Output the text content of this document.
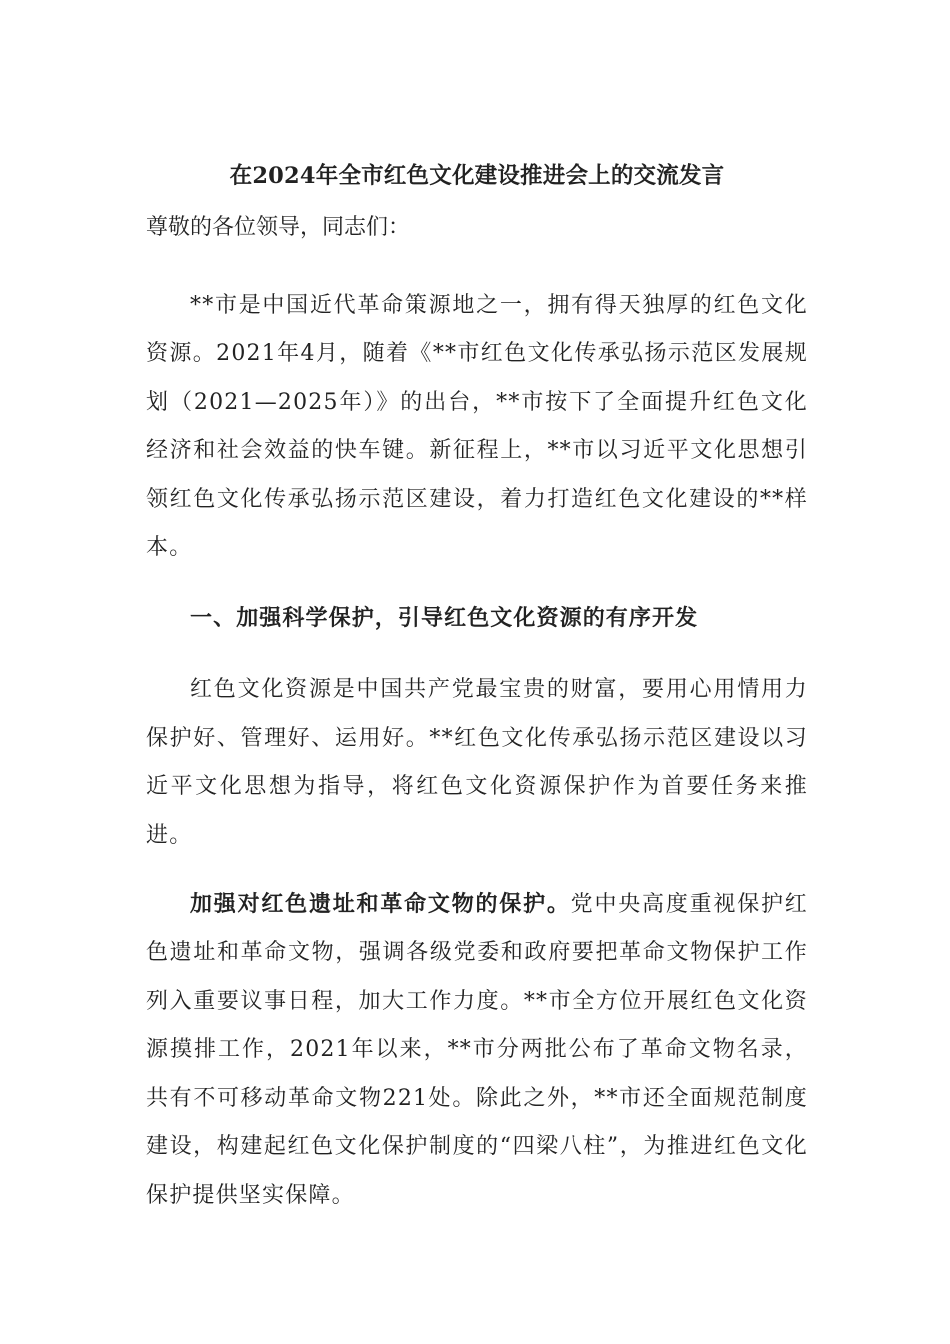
在2024年全市红色文化建设推进会上的交流发言

尊敬的各位领导，同志们：

**市是中国近代革命策源地之一，拥有得天独厚的红色文化资源。2021年4月，随着《**市红色文化传承弘扬示范区发展规划（2021—2025年）》的出台，**市按下了全面提升红色文化经济和社会效益的快车键。新征程上，**市以习近平文化思想引领红色文化传承弘扬示范区建设，着力打造红色文化建设的**样本。

一、加强科学保护，引导红色文化资源的有序开发

红色文化资源是中国共产党最宝贵的财富，要用心用情用力保护好、管理好、运用好。**红色文化传承弘扬示范区建设以习近平文化思想为指导，将红色文化资源保护作为首要任务来推进。

加强对红色遗址和革命文物的保护。党中央高度重视保护红色遗址和革命文物，强调各级党委和政府要把革命文物保护工作列入重要议事日程，加大工作力度。**市全方位开展红色文化资源摸排工作，2021年以来，**市分两批公布了革命文物名录，共有不可移动革命文物221处。除此之外，**市还全面规范制度建设，构建起红色文化保护制度的“四梁八柱”，为推进红色文化保护提供坚实保障。
